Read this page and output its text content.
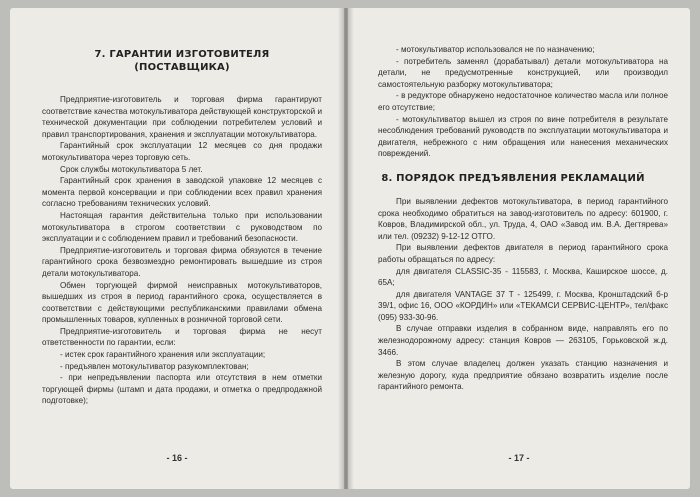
7. ГАРАНТИИ ИЗГОТОВИТЕЛЯ
(ПОСТАВЩИКА)

Предприятие-изготовитель и торговая фирма гарантируют соответствие качества мотокультиватора действующей конструкторской и технической документации при соблюдении потребителем условий и правил транспортирования, хранения и эксплуатации мотокультиватора.

Гарантийный срок эксплуатации 12 месяцев со дня продажи мотокультиватора через торговую сеть.

Срок службы мотокультиватора 5 лет.

Гарантийный срок хранения в заводской упаковке 12 месяцев с момента первой консервации и при соблюдении всех правил хранения согласно требованиям технических условий.

Настоящая гарантия действительна только при использовании мотокультиватора в строгом соответствии с руководством по эксплуатации и с соблюдением правил и требований безопасности.

Предприятие-изготовитель и торговая фирма обязуются в течение гарантийного срока безвозмездно ремонтировать вышедшие из строя детали мотокультиватора.

Обмен торгующей фирмой неисправных мотокультиваторов, вышедших из строя в период гарантийного срока, осуществляется в соответствии с действующими республиканскими правилами обмена промышленных товаров, купленных в розничной торговой сети.

Предприятие-изготовитель и торговая фирма не несут ответственности по гарантии, если:

- истек срок гарантийного хранения или эксплуатации;

- предъявлен мотокультиватор разукомплектован;

- при непредъявлении паспорта или отсутствия в нем отметки торгующей фирмы (штамп и дата продажи, и отметка о предпродажной подготовке);

- 16 -

- мотокультиватор использовался не по назначению;

- потребитель заменял (дорабатывал) детали мотокультиватора на детали, не предусмотренные конструкцией, или производил самостоятельную разборку мотокультиватора;

- в редукторе обнаружено недостаточное количество масла или полное его отсутствие;

- мотокультиватор вышел из строя по вине потребителя в результате несоблюдения требований руководств по эксплуатации мотокультиватора и двигателя, небрежного с ним обращения или нанесения механических повреждений.

8. ПОРЯДОК ПРЕДЪЯВЛЕНИЯ РЕКЛАМАЦИЙ

При выявлении дефектов мотокультиватора, в период гарантийного срока необходимо обратиться на завод-изготовитель по адресу: 601900, г. Ковров, Владимирской обл., ул. Труда, 4, ОАО «Завод им. В.А. Дегтярева» или тел. (09232) 9-12-12 ОТГО.

При выявлении дефектов двигателя в период гарантийного срока работы обращаться по адресу:

для двигателя CLASSIC-35 - 115583, г. Москва, Каширское шоссе, д. 65А;

для двигателя VANTAGE 37 Т - 125499, г. Москва, Кронштадский б-р 39/1, офис 16, ООО «КОРДИН» или «ТЕКАМСИ СЕРВИС-ЦЕНТР», тел/факс (095) 933-30-96.

В случае отправки изделия в собранном виде, направлять его по железнодорожному адресу: станция Ковров — 263105, Горьковской ж.д. 3466.

В этом случае владелец должен указать станцию назначения и железную дорогу, куда предприятие обязано возвратить изделие после гарантийного ремонта.

- 17 -
